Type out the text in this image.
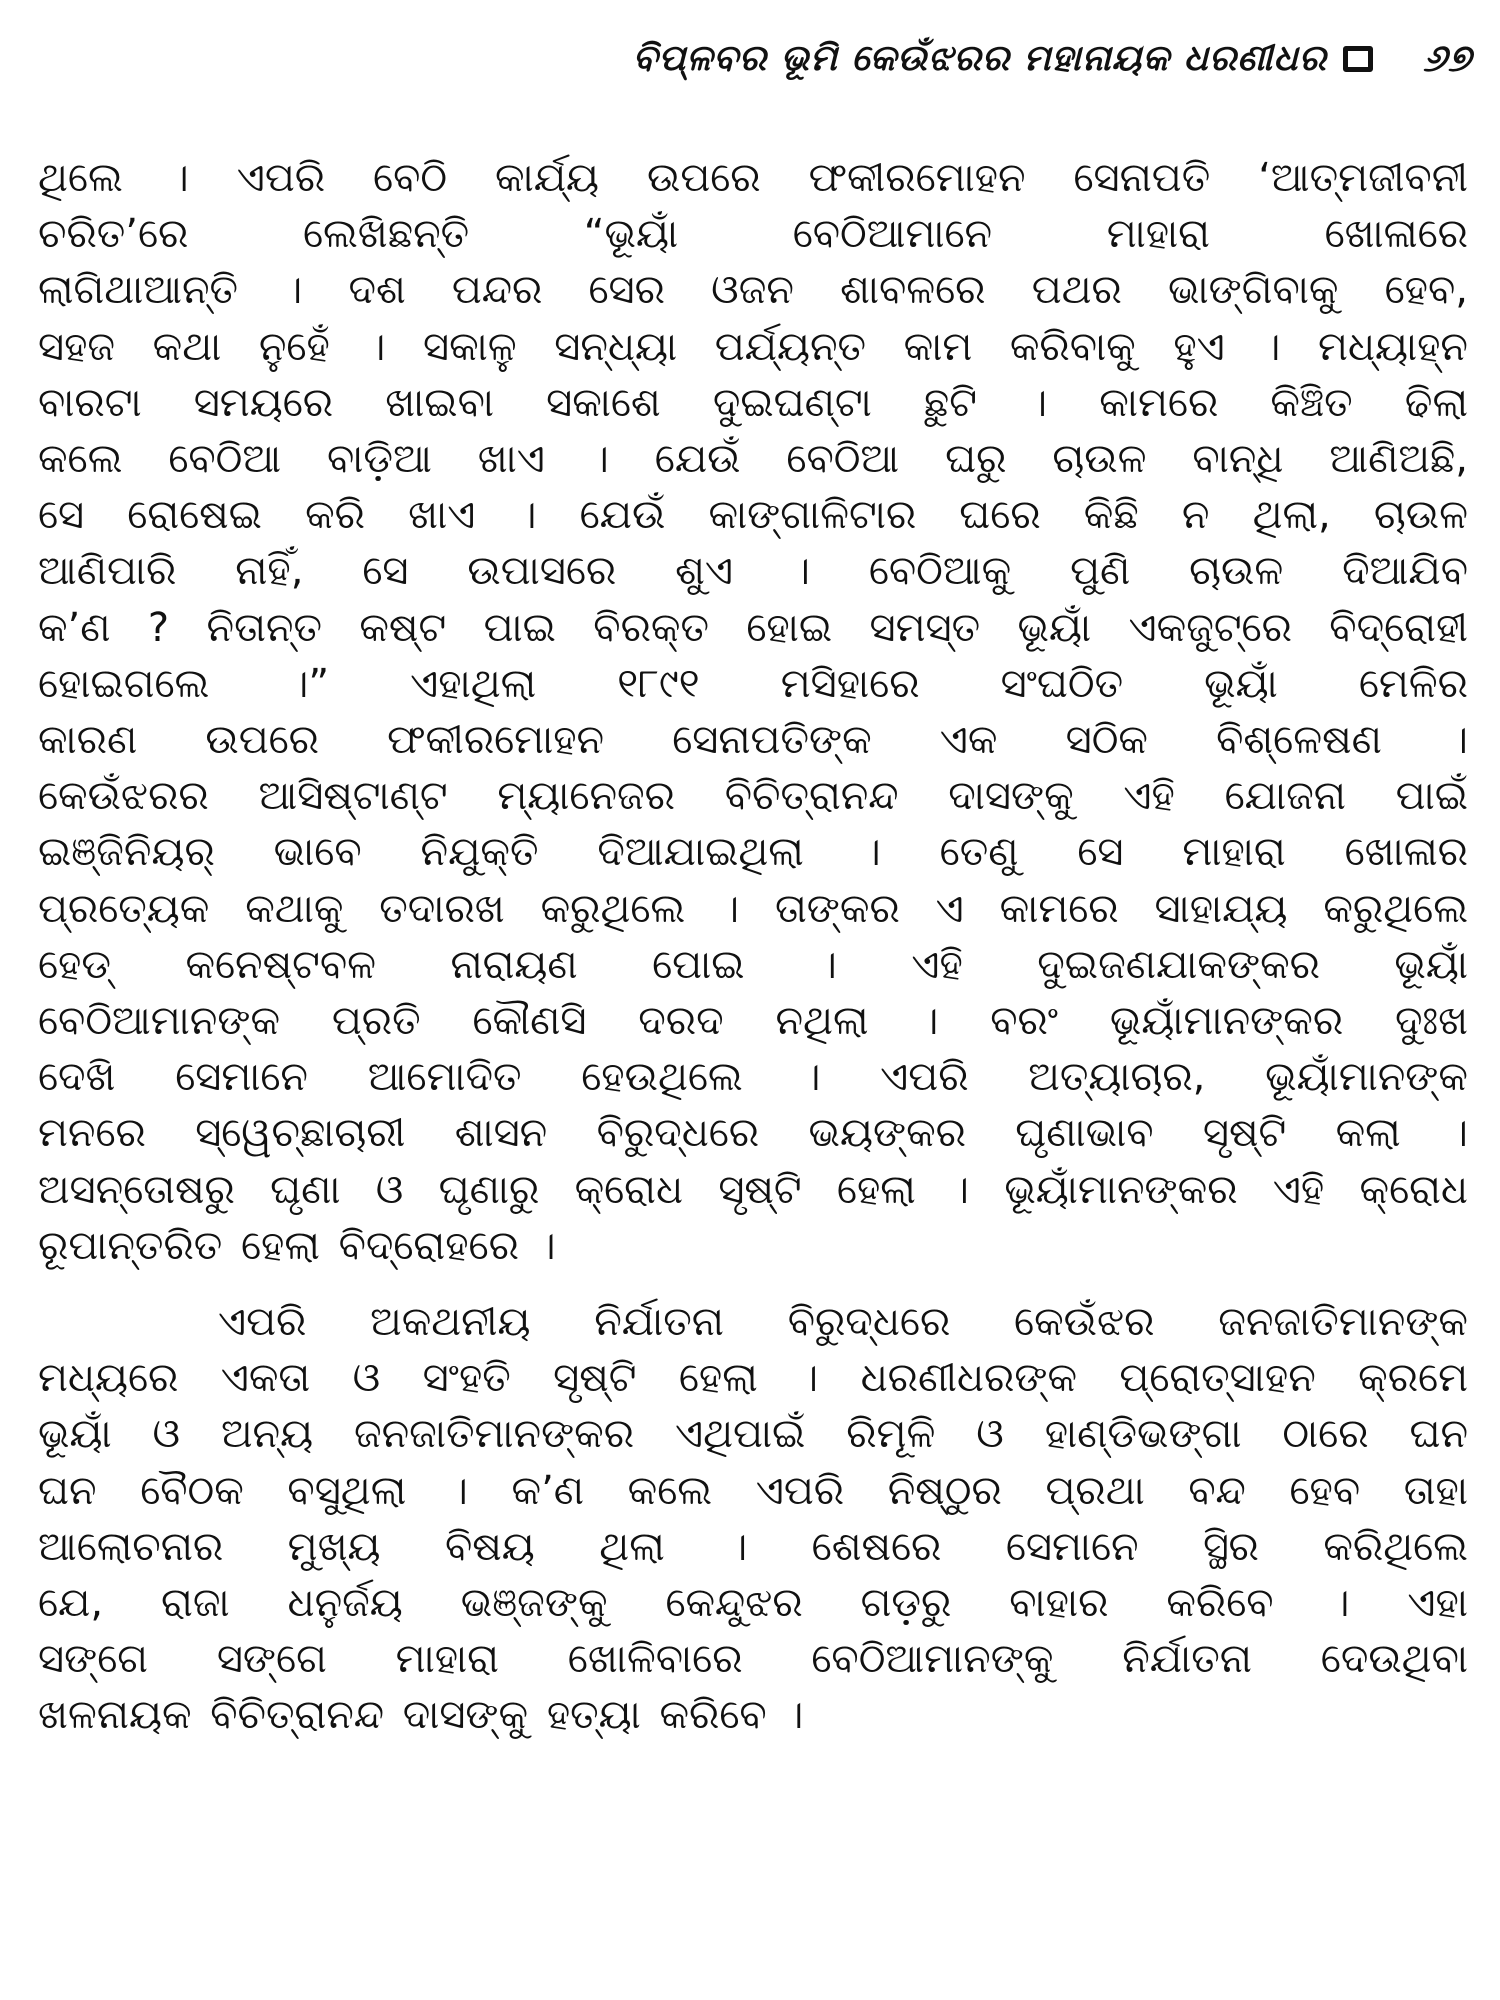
ବିପ୍ଳବର ଭୂମି କେଉଁଝରର ମହାନାୟକ ଧରଣୀଧର	୬୭
ଥିଲେ । ଏପରି ବେଠି କାର୍ଯ୍ୟ ଉପରେ ଫକୀରମୋହନ ସେନାପତି ‘ଆତ୍ମଜୀବନୀ
ଚରିତ’ରେ ଲେଖିଛନ୍ତି “ଭୂୟାଁ ବେଠିଆମାନେ ମାହାରା ଖୋଳାରେ
ଲାଗିଥାଆନ୍ତି । ଦଶ ପନ୍ଦର ସେର ଓଜନ ଶାବଳରେ ପଥର ଭାଙ୍ଗିବାକୁ ହେବ,
ସହଜ କଥା ନୁହେଁ । ସକାଳୁ ସନ୍ଧ୍ୟା ପର୍ଯ୍ୟନ୍ତ କାମ କରିବାକୁ ହୁଏ । ମଧ୍ୟାହ୍ନ
ବାରଟା ସମୟରେ ଖାଇବା ସକାଶେ ଦୁଇଘଣ୍ଟା ଛୁଟି । କାମରେ କିଞ୍ଚିତ ଢିଲା
କଲେ ବେଠିଆ ବାଡ଼ିଆ ଖାଏ । ଯେଉଁ ବେଠିଆ ଘରୁ ଚାଉଳ ବାନ୍ଧି ଆଣିଅଛି,
ସେ ରୋଷେଇ କରି ଖାଏ । ଯେଉଁ କାଙ୍ଗାଳିଟାର ଘରେ କିଛି ନ ଥିଲା, ଚାଉଳ
ଆଣିପାରି ନାହିଁ, ସେ ଉପାସରେ ଶୁଏ । ବେଠିଆକୁ ପୁଣି ଚାଉଳ ଦିଆଯିବ
କ’ଣ ? ନିତାନ୍ତ କଷ୍ଟ ପାଇ ବିରକ୍ତ ହୋଇ ସମସ୍ତ ଭୂୟାଁ ଏକଜୁଟ୍‌ରେ ବିଦ୍ରୋହୀ
ହୋଇଗଲେ ।” ଏହାଥିଲା ୧୮୯୧ ମସିହାରେ ସଂଘଠିତ ଭୂୟାଁ ମେଳିର
କାରଣ ଉପରେ ଫକୀରମୋହନ ସେନାପତିଙ୍କ ଏକ ସଠିକ ବିଶ୍ଳେଷଣ ।
କେଉଁଝରର ଆସିଷ୍ଟାଣ୍ଟ ମ୍ୟାନେଜର ବିଚିତ୍ରାନନ୍ଦ ଦାସଙ୍କୁ ଏହି ଯୋଜନା ପାଇଁ
ଇଞ୍ଜିନିୟର୍ ଭାବେ ନିଯୁକ୍ତି ଦିଆଯାଇଥିଲା । ତେଣୁ ସେ ମାହାରା ଖୋଳାର
ପ୍ରତ୍ୟେକ କଥାକୁ ତଦାରଖ କରୁଥିଲେ । ତାଙ୍କର ଏ କାମରେ ସାହାଯ୍ୟ କରୁଥିଲେ
ହେଡ୍ କନେଷ୍ଟବଳ ନାରାୟଣ ପୋଇ । ଏହି ଦୁଇଜଣଯାକଙ୍କର ଭୂୟାଁ
ବେଠିଆମାନଙ୍କ ପ୍ରତି କୌଣସି ଦରଦ ନଥିଲା । ବରଂ ଭୂୟାଁମାନଙ୍କର ଦୁଃଖ
ଦେଖି ସେମାନେ ଆମୋଦିତ ହେଉଥିଲେ । ଏପରି ଅତ୍ୟାଚାର, ଭୂୟାଁମାନଙ୍କ
ମନରେ ସ୍ୱେଚ୍ଛାଚାରୀ ଶାସନ ବିରୁଦ୍ଧରେ ଭୟଙ୍କର ଘୃଣାଭାବ ସୃଷ୍ଟି କଲା ।
ଅସନ୍ତୋଷରୁ ଘୃଣା ଓ ଘୃଣାରୁ କ୍ରୋଧ ସୃଷ୍ଟି ହେଲା । ଭୂୟାଁମାନଙ୍କର ଏହି କ୍ରୋଧ
ରୂପାନ୍ତରିତ ହେଲା ବିଦ୍ରୋହରେ ।
ଏପରି ଅକଥନୀୟ ନିର୍ଯାତନା ବିରୁଦ୍ଧରେ କେଉଁଝର ଜନଜାତିମାନଙ୍କ
ମଧ୍ୟରେ ଏକତା ଓ ସଂହତି ସୃଷ୍ଟି ହେଲା । ଧରଣୀଧରଙ୍କ ପ୍ରୋତ୍ସାହନ କ୍ରମେ
ଭୂୟାଁ ଓ ଅନ୍ୟ ଜନଜାତିମାନଙ୍କର ଏଥିପାଇଁ ରିମୂଳି ଓ ହାଣ୍ଡିଭଙ୍ଗା ଠାରେ ଘନ
ଘନ ବୈଠକ ବସୁଥିଲା । କ’ଣ କଲେ ଏପରି ନିଷ୍ଠୁର ପ୍ରଥା ବନ୍ଦ ହେବ ତାହା
ଆଲୋଚନାର ମୁଖ୍ୟ ବିଷୟ ଥିଲା । ଶେଷରେ ସେମାନେ ସ୍ଥିର କରିଥିଲେ
ଯେ, ରାଜା ଧନୁର୍ଜୟ ଭଞ୍ଜଙ୍କୁ କେନ୍ଦୁଝର ଗଡ଼ରୁ ବାହାର କରିବେ । ଏହା
ସଙ୍ଗେ ସଙ୍ଗେ ମାହାରା ଖୋଳିବାରେ ବେଠିଆମାନଙ୍କୁ ନିର୍ଯାତନା ଦେଉଥିବା
ଖଳନାୟକ ବିଚିତ୍ରାନନ୍ଦ ଦାସଙ୍କୁ ହତ୍ୟା କରିବେ ।
